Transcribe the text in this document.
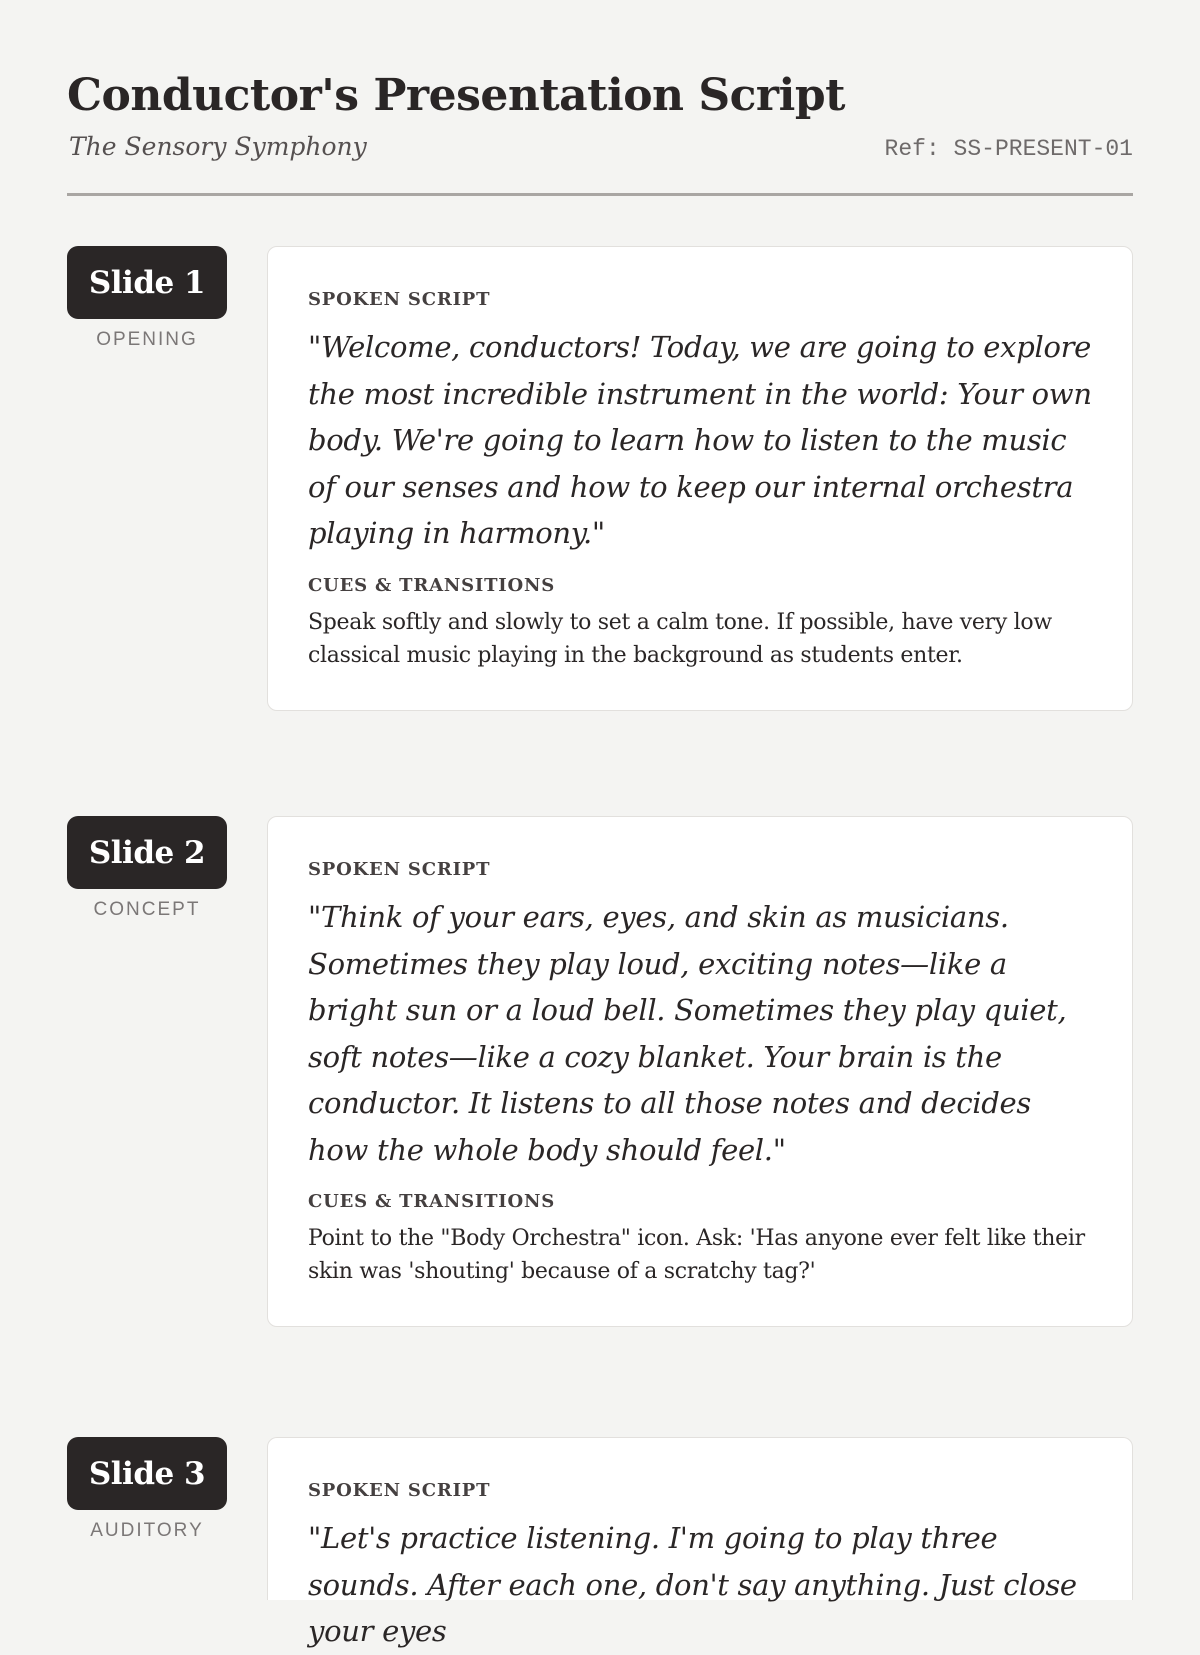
Conductor's Presentation Script
The Sensory Symphony	Ref: SS-PRESENT-01
Slide 1
OPENING
SPOKEN SCRIPT

"Welcome, conductors! Today, we are going to explore the most incredible instrument in the world: Your own body. We're going to learn how to listen to the music of our senses and how to keep our internal orchestra playing in harmony."

CUES & TRANSITIONS

Speak softly and slowly to set a calm tone. If possible, have very low classical music playing in the background as students enter.

Slide 2
CONCEPT
SPOKEN SCRIPT

"Think of your ears, eyes, and skin as musicians. Sometimes they play loud, exciting notes—like a bright sun or a loud bell. Sometimes they play quiet, soft notes—like a cozy blanket. Your brain is the conductor. It listens to all those notes and decides how the whole body should feel."

CUES & TRANSITIONS

Point to the "Body Orchestra" icon. Ask: 'Has anyone ever felt like their skin was 'shouting' because of a scratchy tag?'

Slide 3
AUDITORY
SPOKEN SCRIPT

"Let's practice listening. I'm going to play three sounds. After each one, don't say anything. Just close your eyes
